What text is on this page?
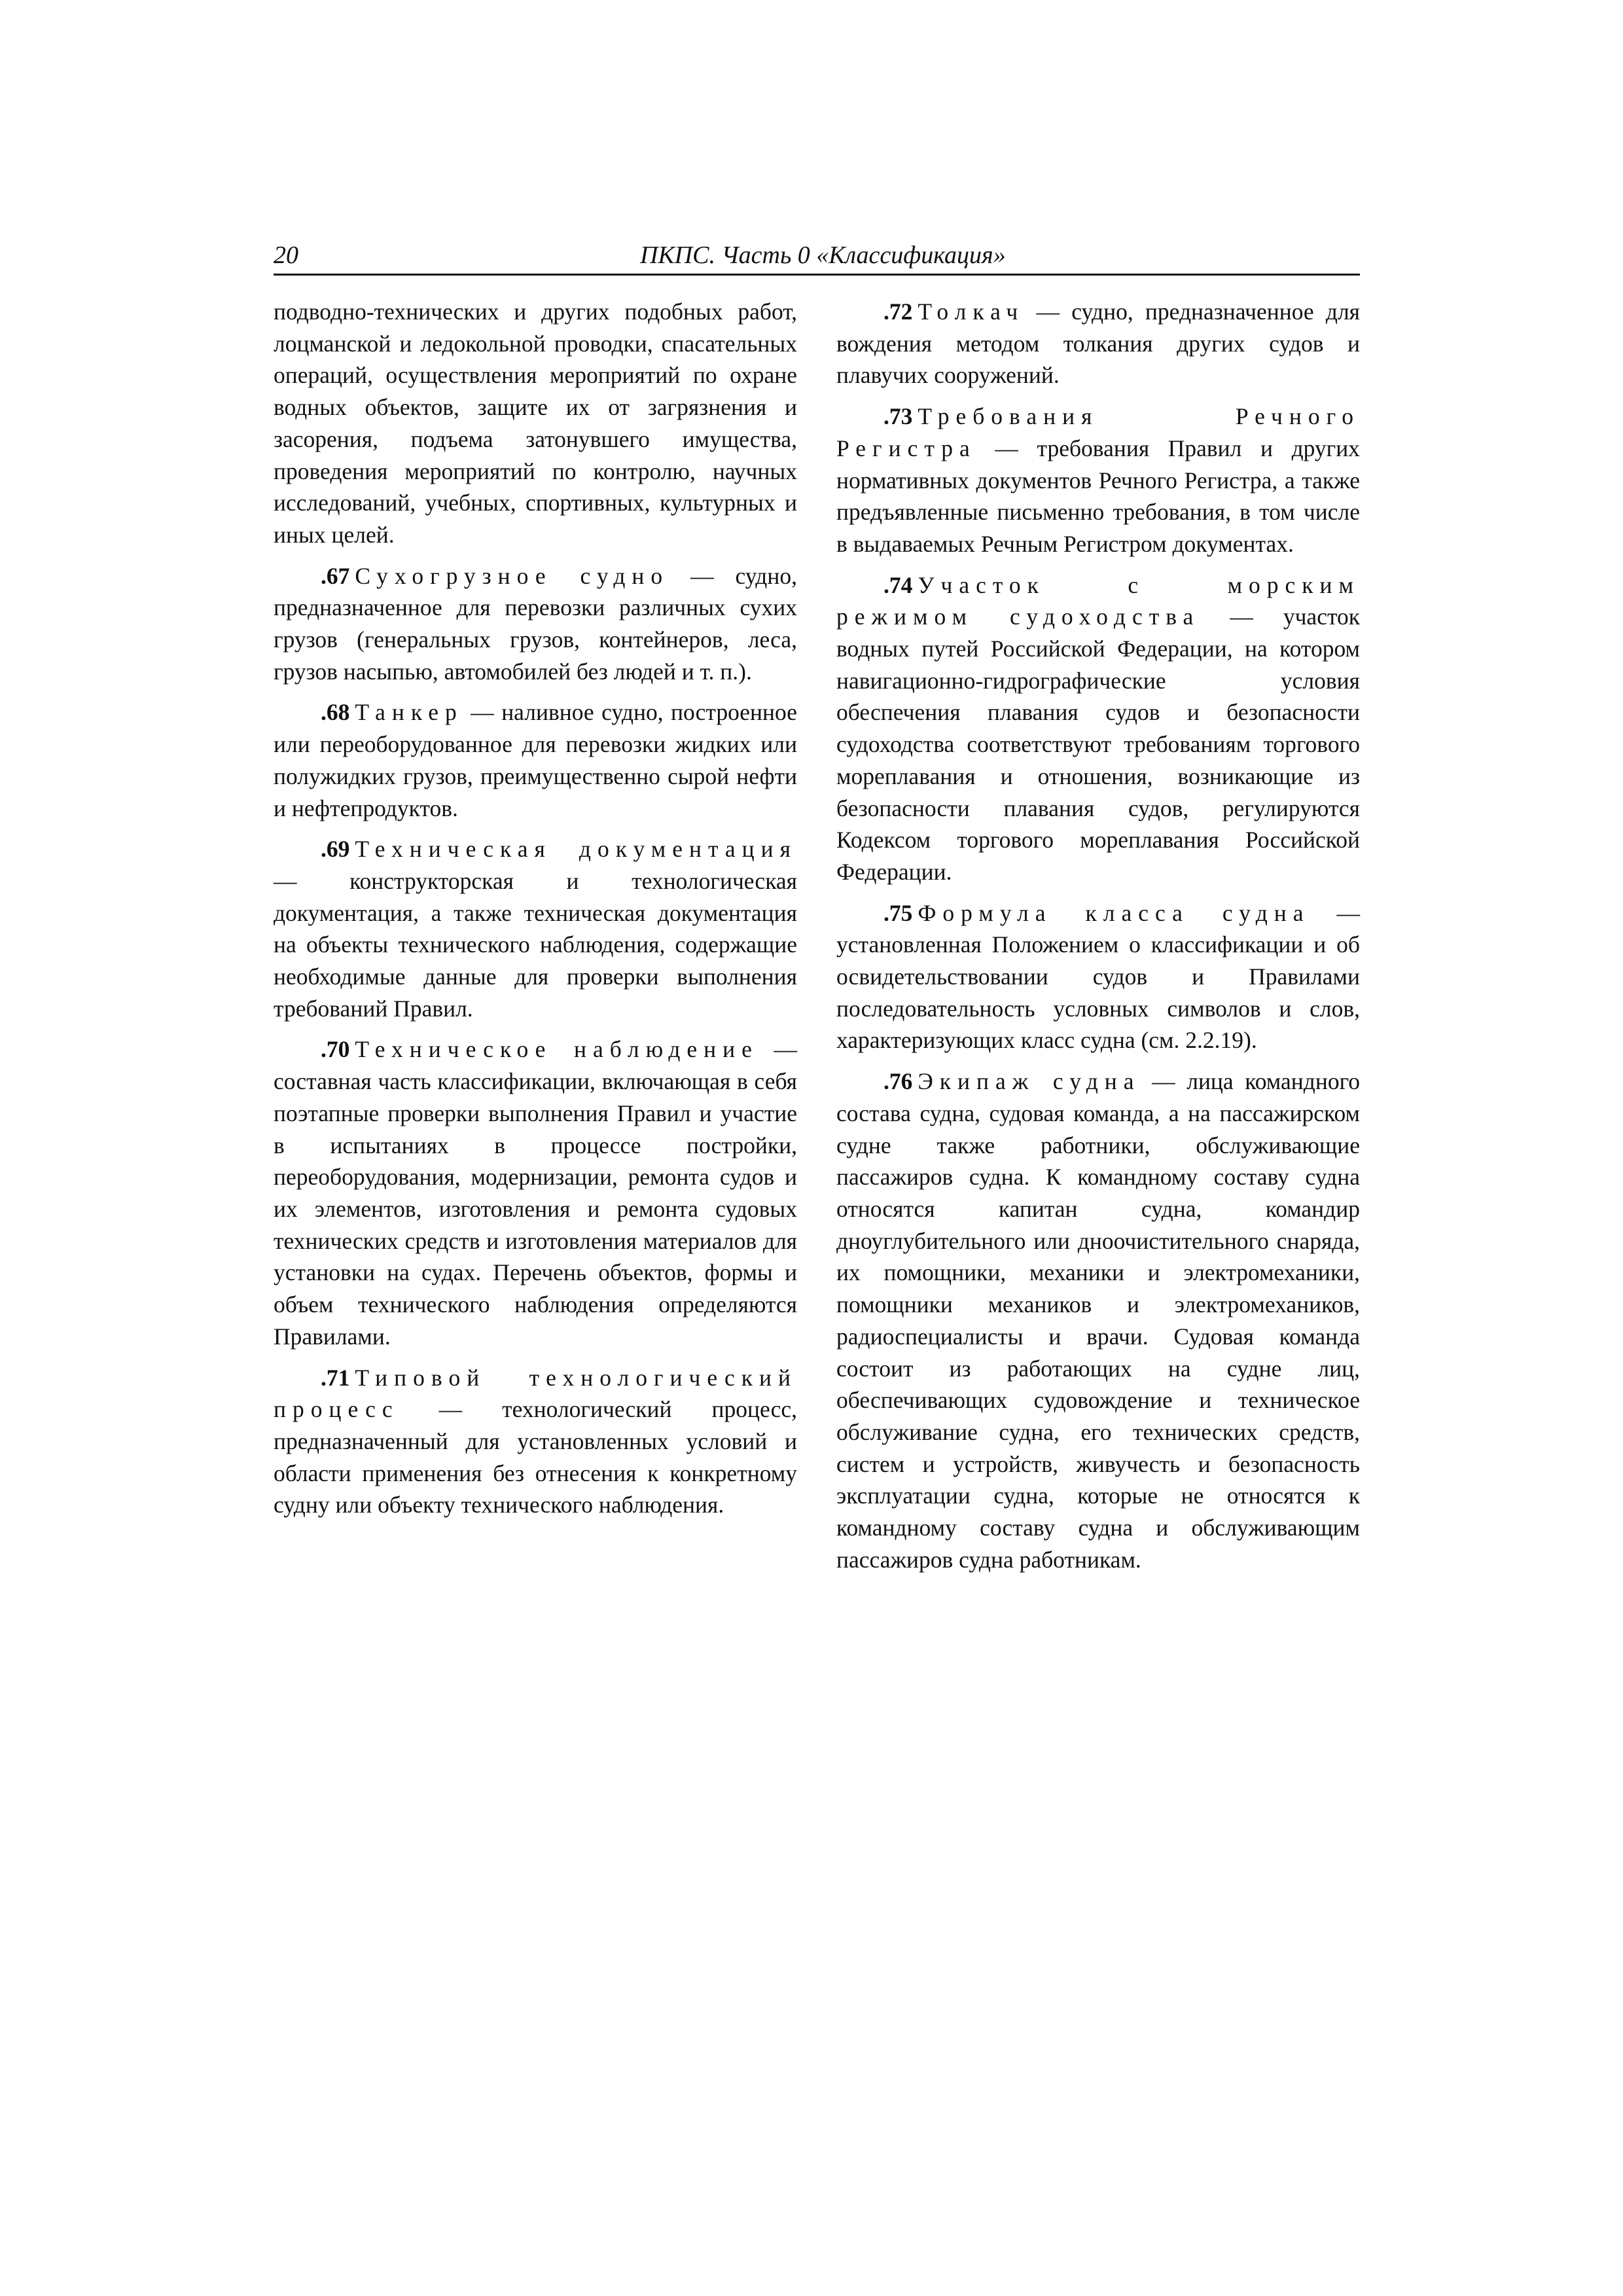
20	ПКПС. Часть 0 «Классификация»

подводно-технических и других подобных работ, лоцманской и ледокольной проводки, спасательных операций, осуществления мероприятий по охране водных объектов, защите их от загрязнения и засорения, подъема затонувшего имущества, проведения мероприятий по контролю, научных исследований, учебных, спортивных, культурных и иных целей.

.67 Сухогрузное судно — судно, предназначенное для перевозки различных сухих грузов (генеральных грузов, контейнеров, леса, грузов насыпью, автомобилей без людей и т. п.).

.68 Танкер — наливное судно, построенное или переоборудованное для перевозки жидких или полужидких грузов, преимущественно сырой нефти и нефтепродуктов.

.69 Техническая документация — конструкторская и технологическая документация, а также техническая документация на объекты технического наблюдения, содержащие необходимые данные для проверки выполнения требований Правил.

.70 Техническое наблюдение — составная часть классификации, включающая в себя поэтапные проверки выполнения Правил и участие в испытаниях в процессе постройки, переоборудования, модернизации, ремонта судов и их элементов, изготовления и ремонта судовых технических средств и изготовления материалов для установки на судах. Перечень объектов, формы и объем технического наблюдения определяются Правилами.

.71 Типовой технологический процесс — технологический процесс, предназначенный для установленных условий и области применения без отнесения к конкретному судну или объекту технического наблюдения.

.72 Толкач — судно, предназначенное для вождения методом толкания других судов и плавучих сооружений.

.73 Требования Речного Регистра — требования Правил и других нормативных документов Речного Регистра, а также предъявленные письменно требования, в том числе в выдаваемых Речным Регистром документах.

.74 Участок с морским режимом судоходства — участок водных путей Российской Федерации, на котором навигационно-гидрографические условия обеспечения плавания судов и безопасности судоходства соответствуют требованиям торгового мореплавания и отношения, возникающие из безопасности плавания судов, регулируются Кодексом торгового мореплавания Российской Федерации.

.75 Формула класса судна — установленная Положением о классификации и об освидетельствовании судов и Правилами последовательность условных символов и слов, характеризующих класс судна (см. 2.2.19).

.76 Экипаж судна — лица командного состава судна, судовая команда, а на пассажирском судне также работники, обслуживающие пассажиров судна. К командному составу судна относятся капитан судна, командир дноуглубительного или дноочистительного снаряда, их помощники, механики и электромеханики, помощники механиков и электромехаников, радиоспециалисты и врачи. Судовая команда состоит из работающих на судне лиц, обеспечивающих судовождение и техническое обслуживание судна, его технических средств, систем и устройств, живучесть и безопасность эксплуатации судна, которые не относятся к командному составу судна и обслуживающим пассажиров судна работникам.
